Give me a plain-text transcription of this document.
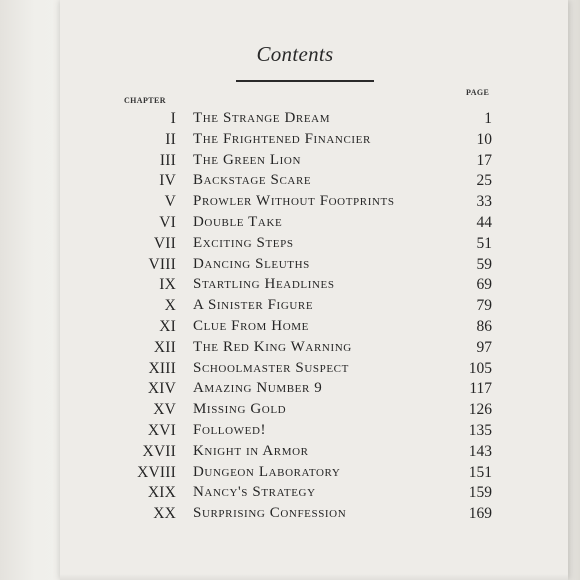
Contents
CHAPTER
PAGE
I The Strange Dream	1
II The Frightened Financier	10
III The Green Lion	17
IV Backstage Scare	25
V Prowler Without Footprints	33
VI Double Take	44
VII Exciting Steps	51
VIII Dancing Sleuths	59
IX Startling Headlines	69
X A Sinister Figure	79
XI Clue From Home	86
XII The Red King Warning	97
XIII Schoolmaster Suspect	105
XIV Amazing Number 9	117
XV Missing Gold	126
XVI Followed!	135
XVII Knight in Armor	143
XVIII Dungeon Laboratory	151
XIX Nancy's Strategy	159
XX Surprising Confession	169
